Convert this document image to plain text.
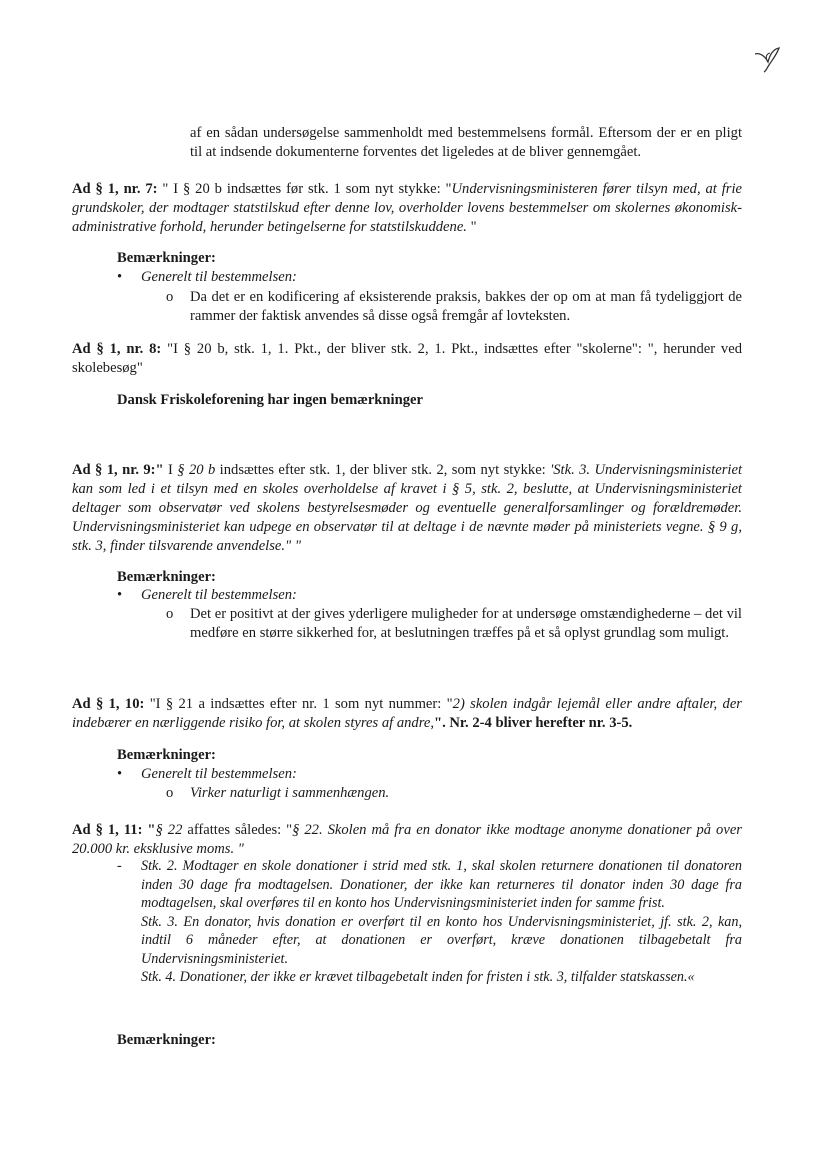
af en sådan undersøgelse sammenholdt med bestemmelsens formål. Eftersom der er en pligt til at indsende dokumenterne forventes det ligeledes at de bliver gennemgået.
Ad § 1, nr. 7: " I § 20 b indsættes før stk. 1 som nyt stykke: "Undervisningsministeren fører tilsyn med, at frie grundskoler, der modtager statstilskud efter denne lov, overholder lovens bestemmelser om skolernes økonomisk-administrative forhold, herunder betingelserne for statstilskuddene. "
Bemærkninger:
• Generelt til bestemmelsen:
o Da det er en kodificering af eksisterende praksis, bakkes der op om at man få tydeliggjort de rammer der faktisk anvendes så disse også fremgår af lovteksten.
Ad § 1, nr. 8: "I § 20 b, stk. 1, 1. Pkt., der bliver stk. 2, 1. Pkt., indsættes efter "skolerne": ", herunder ved skolebesøg"
Dansk Friskoleforening har ingen bemærkninger
Ad § 1, nr. 9:" I § 20 b indsættes efter stk. 1, der bliver stk. 2, som nyt stykke: 'Stk. 3. Undervisningsministeriet kan som led i et tilsyn med en skoles overholdelse af kravet i § 5, stk. 2, beslutte, at Undervisningsministeriet deltager som observatør ved skolens bestyrelsesmøder og eventuelle generalforsamlinger og forældremøder. Undervisningsministeriet kan udpege en observatør til at deltage i de nævnte møder på ministeriets vegne. § 9 g, stk. 3, finder tilsvarende anvendelse." "
Bemærkninger:
• Generelt til bestemmelsen:
o Det er positivt at der gives yderligere muligheder for at undersøge omstændighederne – det vil medføre en større sikkerhed for, at beslutningen træffes på et så oplyst grundlag som muligt.
Ad § 1, 10: "I § 21 a indsættes efter nr. 1 som nyt nummer: "2) skolen indgår lejemål eller andre aftaler, der indebærer en nærliggende risiko for, at skolen styres af andre,". Nr. 2-4 bliver herefter nr. 3-5.
Bemærkninger:
• Generelt til bestemmelsen:
o Virker naturligt i sammenhængen.
Ad § 1, 11: "§ 22 affattes således: "§ 22. Skolen må fra en donator ikke modtage anonyme donationer på over 20.000 kr. eksklusive moms. "
- Stk. 2. Modtager en skole donationer i strid med stk. 1, skal skolen returnere donationen til donatoren inden 30 dage fra modtagelsen. Donationer, der ikke kan returneres til donator inden 30 dage fra modtagelsen, skal overføres til en konto hos Undervisningsministeriet inden for samme frist.
Stk. 3. En donator, hvis donation er overført til en konto hos Undervisningsministeriet, jf. stk. 2, kan, indtil 6 måneder efter, at donationen er overført, kræve donationen tilbagebetalt fra Undervisningsministeriet.
Stk. 4. Donationer, der ikke er krævet tilbagebetalt inden for fristen i stk. 3, tilfalder statskassen.«
Bemærkninger:
